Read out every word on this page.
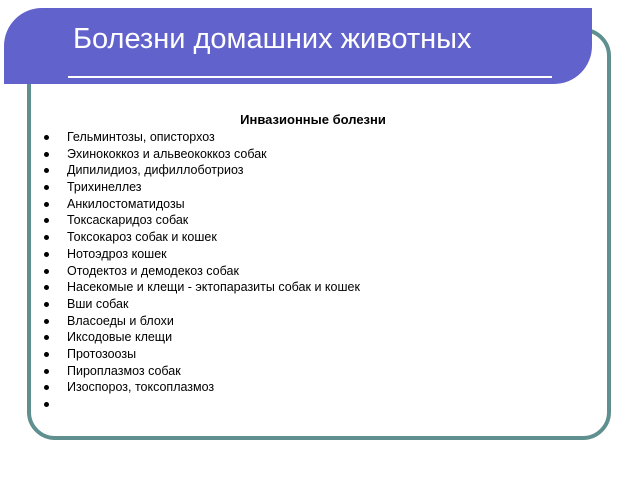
Болезни домашних животных
Инвазионные болезни
Гельминтозы, описторхоз
Эхинококкоз и альвеококкоз собак
Дипилидиоз, дифиллоботриоз
Трихинеллез
Анкилостоматидозы
Токсаскаридоз собак
Токсокароз собак и кошек
Нотоэдроз кошек
Отодектоз и демодекоз собак
Насекомые и клещи - эктопаразиты собак и кошек
Вши собак
Власоеды и блохи
Иксодовые клещи
Протозоозы
Пироплазмоз собак
Изоспороз, токсоплазмоз
